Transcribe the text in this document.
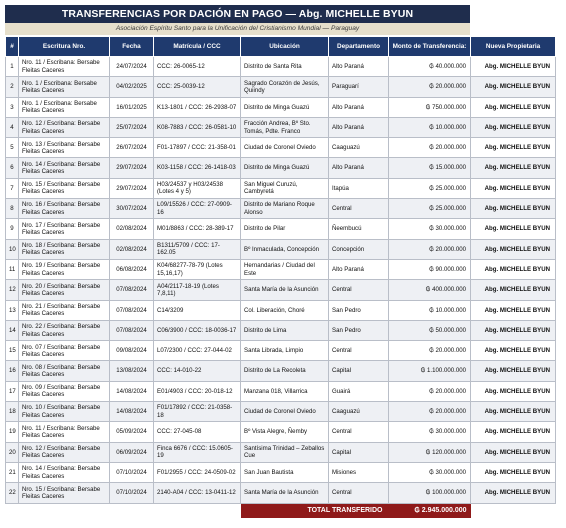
TRANSFERENCIAS POR DACIÓN EN PAGO — Abg. MICHELLE BYUN
Asociación Espíritu Santo para la Unificación del Cristianismo Mundial — Paraguay
#	Escritura Nro.	Fecha	Matrícula / CCC	Ubicación	Departamento	Monto de Transferencia:	Nueva Propietaria
1	Nro. 11 / Escribana: Bersabe Fleitas Caceres	24/07/2024	CCC: 26-0065-12	Distrito de Santa Rita	Alto Paraná	₲ 40.000.000	Abg. MICHELLE BYUN
2	Nro. 1 / Escribana: Bersabe Fleitas Caceres	04/02/2025	CCC: 25-0039-12	Sagrado Corazón de Jesús, Quiindy	Paraguarí	₲ 20.000.000	Abg. MICHELLE BYUN
3	Nro. 1 / Escribana: Bersabe Fleitas Caceres	16/01/2025	K13-1801 / CCC: 26-2938-07	Distrito de Minga Guazú	Alto Paraná	₲ 750.000.000	Abg. MICHELLE BYUN
4	Nro. 12 / Escribana: Bersabe Fleitas Caceres	25/07/2024	K08-7883 / CCC: 26-0581-10	Fracción Andrea, Bº Sto. Tomás, Pdte. Franco	Alto Paraná	₲ 10.000.000	Abg. MICHELLE BYUN
5	Nro. 13 / Escribana: Bersabe Fleitas Caceres	26/07/2024	F01-17897 / CCC: 21-358-01	Ciudad de Coronel Oviedo	Caaguazú	₲ 20.000.000	Abg. MICHELLE BYUN
6	Nro. 14 / Escribana: Bersabe Fleitas Caceres	29/07/2024	K03-1158 / CCC: 26-1418-03	Distrito de Minga Guazú	Alto Paraná	₲ 15.000.000	Abg. MICHELLE BYUN
7	Nro. 15 / Escribana: Bersabe Fleitas Caceres	29/07/2024	H03/24537 y H03/24538 (Lotes 4 y 5)	San Miguel Curuzú, Cambyretá	Itapúa	₲ 25.000.000	Abg. MICHELLE BYUN
8	Nro. 16 / Escribana: Bersabe Fleitas Caceres	30/07/2024	L09/15526 / CCC: 27-0909-16	Distrito de Mariano Roque Alonso	Central	₲ 25.000.000	Abg. MICHELLE BYUN
9	Nro. 17 / Escribana: Bersabe Fleitas Caceres	02/08/2024	M01/8863 / CCC: 28-389-17	Distrito de Pilar	Ñeembucú	₲ 30.000.000	Abg. MICHELLE BYUN
10	Nro. 18 / Escribana: Bersabe Fleitas Caceres	02/08/2024	B1311/5709 / CCC: 17-162.05	Bº Inmaculada, Concepción	Concepción	₲ 20.000.000	Abg. MICHELLE BYUN
11	Nro. 19 / Escribana: Bersabe Fleitas Caceres	06/08/2024	K04/68277-78-79 (Lotes 15,16,17)	Hernandarias / Ciudad del Este	Alto Paraná	₲ 90.000.000	Abg. MICHELLE BYUN
12	Nro. 20 / Escribana: Bersabe Fleitas Caceres	07/08/2024	A04/2117-18-19 (Lotes 7,8,11)	Santa María de la Asunción	Central	₲ 400.000.000	Abg. MICHELLE BYUN
13	Nro. 21 / Escribana: Bersabe Fleitas Caceres	07/08/2024	C14/3209	Col. Liberación, Choré	San Pedro	₲ 10.000.000	Abg. MICHELLE BYUN
14	Nro. 22 / Escribana: Bersabe Fleitas Caceres	07/08/2024	C06/3900 / CCC: 18-0036-17	Distrito de Lima	San Pedro	₲ 50.000.000	Abg. MICHELLE BYUN
15	Nro. 07 / Escribana: Bersabe Fleitas Caceres	09/08/2024	L07/2300 / CCC: 27-044-02	Santa Librada, Limpio	Central	₲ 20.000.000	Abg. MICHELLE BYUN
16	Nro. 08 / Escribana: Bersabe Fleitas Caceres	13/08/2024	CCC: 14-010-22	Distrito de La Recoleta	Capital	₲ 1.100.000.000	Abg. MICHELLE BYUN
17	Nro. 09 / Escribana: Bersabe Fleitas Caceres	14/08/2024	E01/4903 / CCC: 20-018-12	Manzana 018, Villarrica	Guairá	₲ 20.000.000	Abg. MICHELLE BYUN
18	Nro. 10 / Escribana: Bersabe Fleitas Caceres	14/08/2024	F01/17892 / CCC: 21-0358-18	Ciudad de Coronel Oviedo	Caaguazú	₲ 20.000.000	Abg. MICHELLE BYUN
19	Nro. 11 / Escribana: Bersabe Fleitas Caceres	05/09/2024	CCC: 27-045-08	Bº Vista Alegre, Ñemby	Central	₲ 30.000.000	Abg. MICHELLE BYUN
20	Nro. 12 / Escribana: Bersabe Fleitas Caceres	06/09/2024	Finca 6676 / CCC: 15.0605-19	Santísima Trinidad – Zeballos Cue	Capital	₲ 120.000.000	Abg. MICHELLE BYUN
21	Nro. 14 / Escribana: Bersabe Fleitas Caceres	07/10/2024	F01/2955 / CCC: 24-0509-02	San Juan Bautista	Misiones	₲ 30.000.000	Abg. MICHELLE BYUN
22	Nro. 15 / Escribana: Bersabe Fleitas Caceres	07/10/2024	2140-A04 / CCC: 13-0411-12	Santa María de la Asunción	Central	₲ 100.000.000	Abg. MICHELLE BYUN
				TOTAL TRANSFERIDO		₲ 2.945.000.000	
